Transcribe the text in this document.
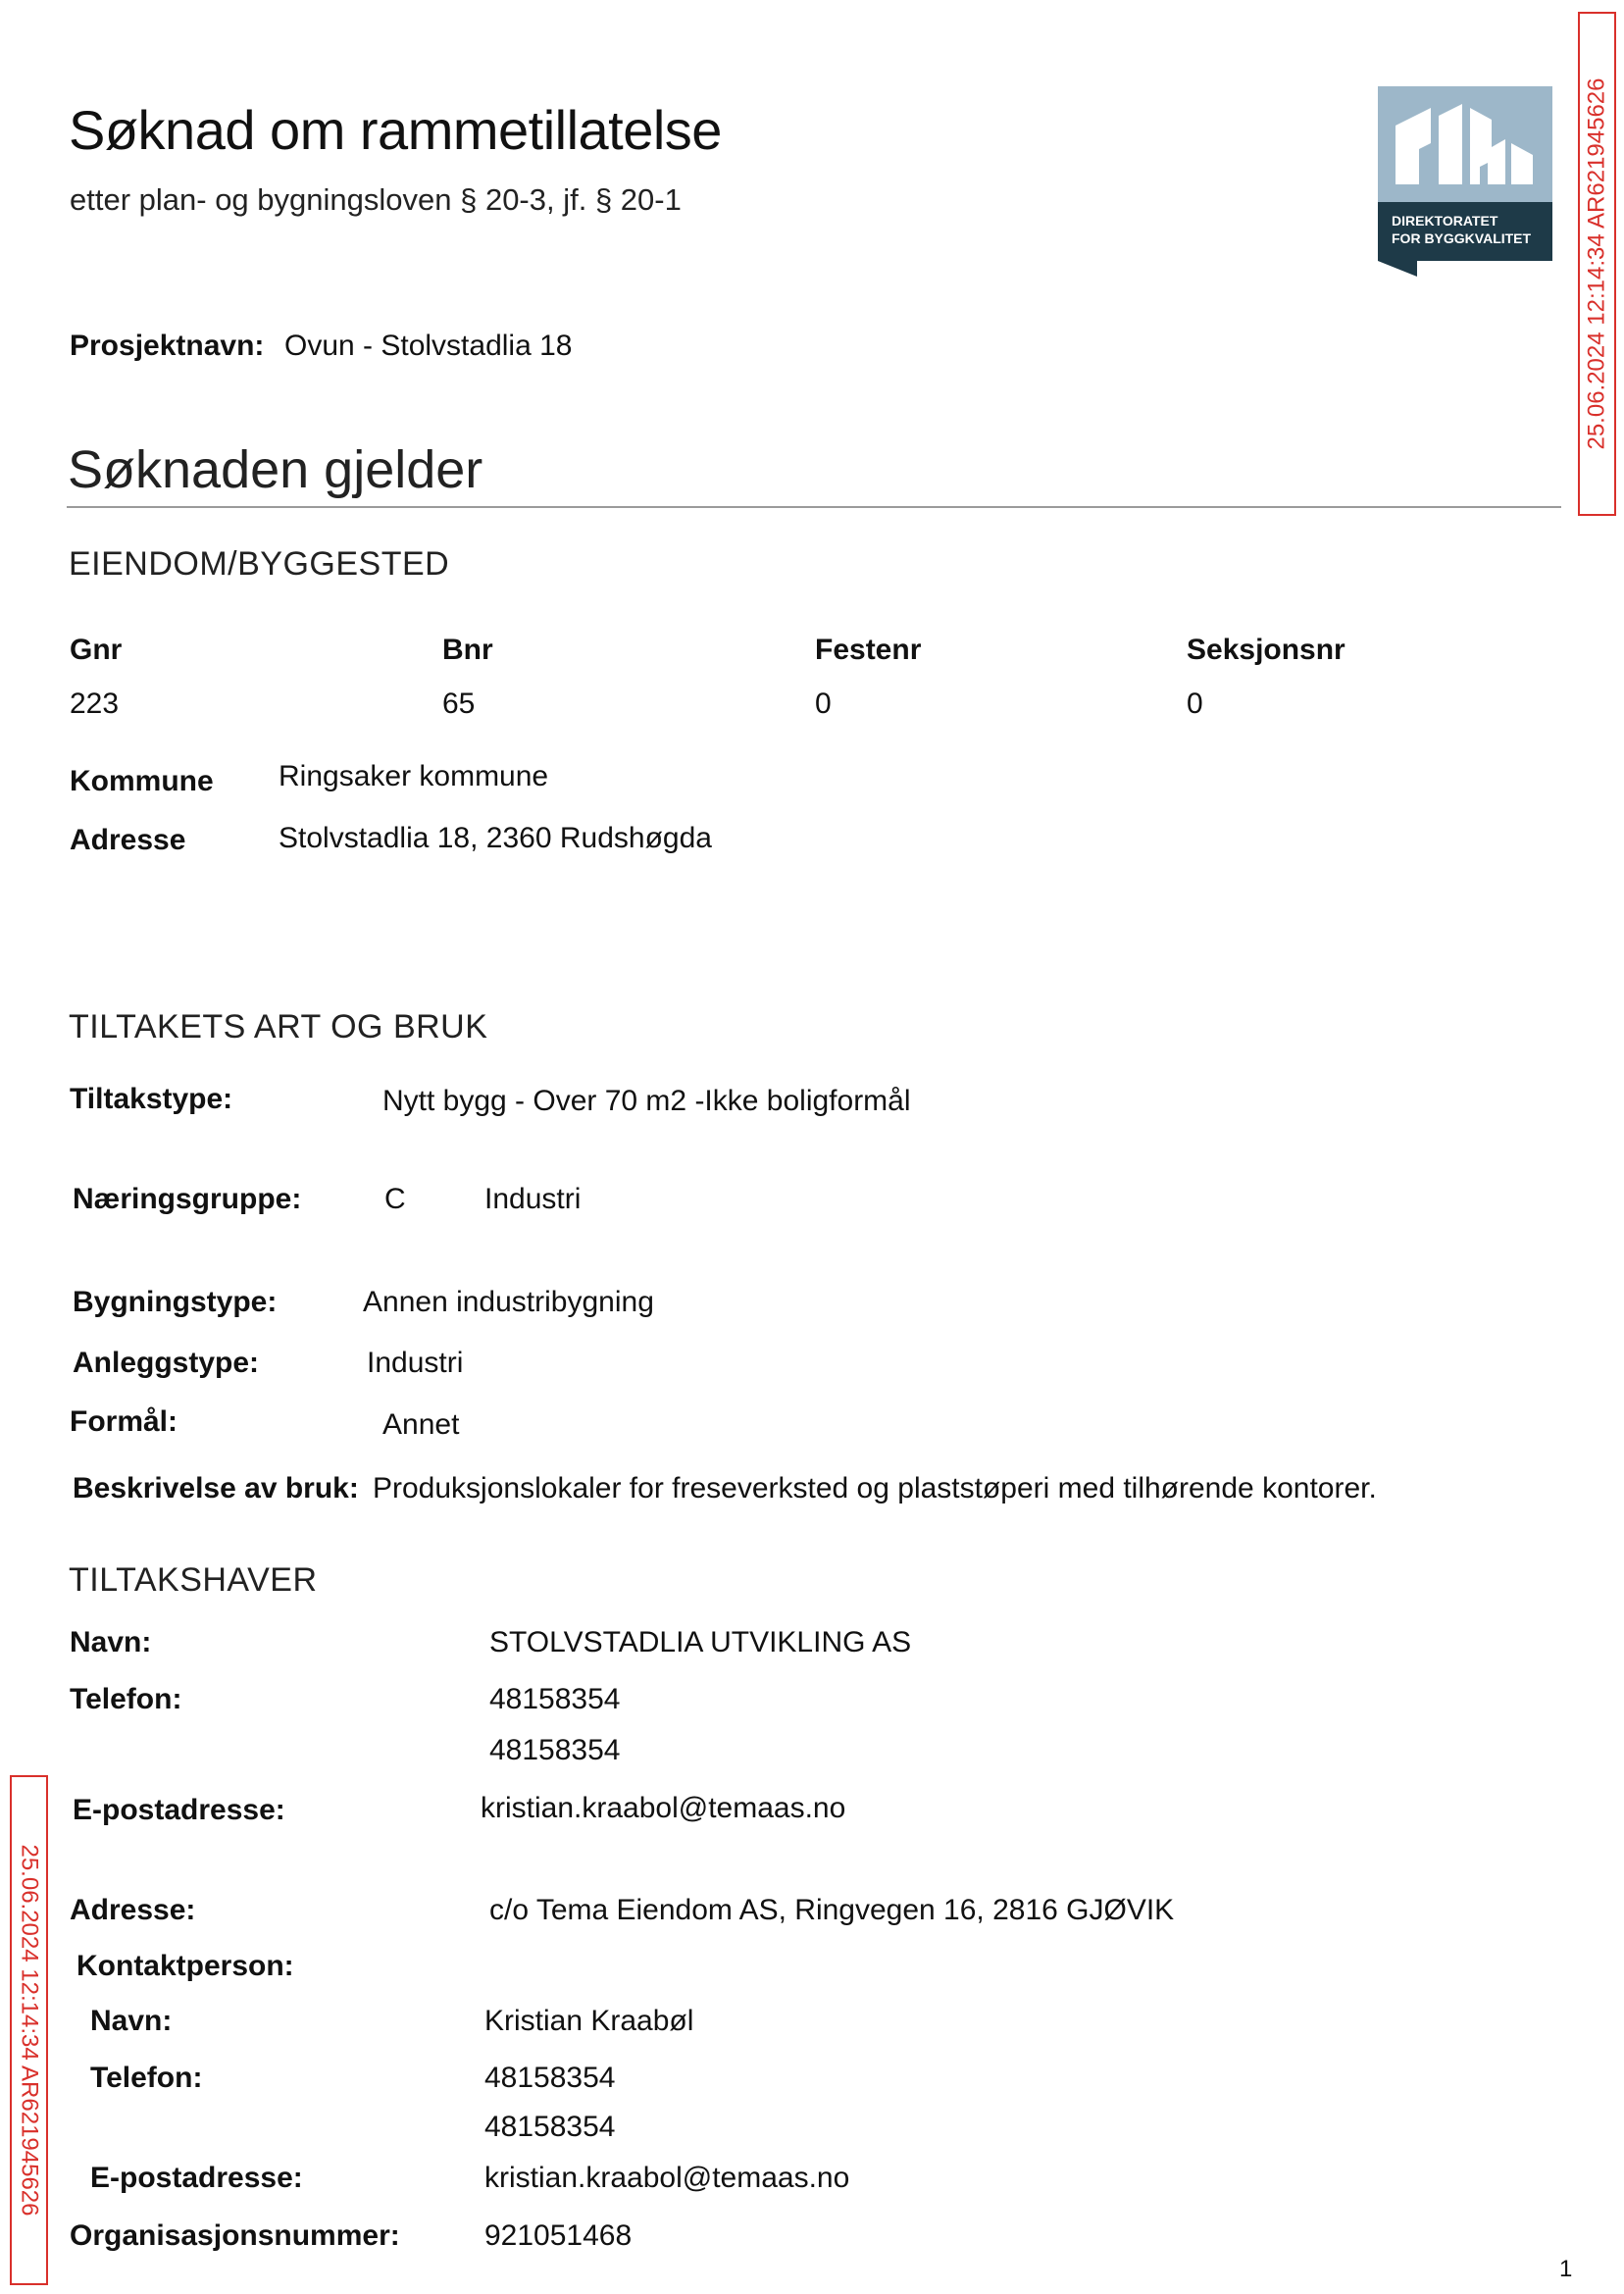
Søknad om rammetillatelse
etter plan- og bygningsloven § 20-3, jf. § 20-1
DIREKTORATET
FOR BYGGKVALITET 25.06.2024 12:14:34 AR621945626
25.06.2024 12:14:34 AR621945626
Prosjektnavn: Ovun - Stolvstadlia 18
Søknaden gjelder
EIENDOM/BYGGESTED
Gnr	Bnr	Festenr	Seksjonsnr
223	65	0	0
Kommune Ringsaker kommune
Adresse	Stolvstadlia 18, 2360 Rudshøgda
TILTAKETS ART OG BRUK
Tiltakstype:	Nytt bygg - Over 70 m2 -Ikke boligformål
Næringsgruppe:	C	Industri
Bygningstype:	Annen industribygning
Anleggstype:	Industri
Formål:	Annet
Beskrivelse av bruk: Produksjonslokaler for freseverksted og plaststøperi med tilhørende kontorer.
TILTAKSHAVER
Navn:	STOLVSTADLIA UTVIKLING AS
Telefon:	48158354
48158354
E-postadresse:	kristian.kraabol@temaas.no
Adresse:	c/o Tema Eiendom AS, Ringvegen 16, 2816 GJØVIK
Kontaktperson:
Navn:	Kristian Kraabøl
Telefon:	48158354
48158354
E-postadresse:	kristian.kraabol@temaas.no
Organisasjonsnummer:	921051468
1
